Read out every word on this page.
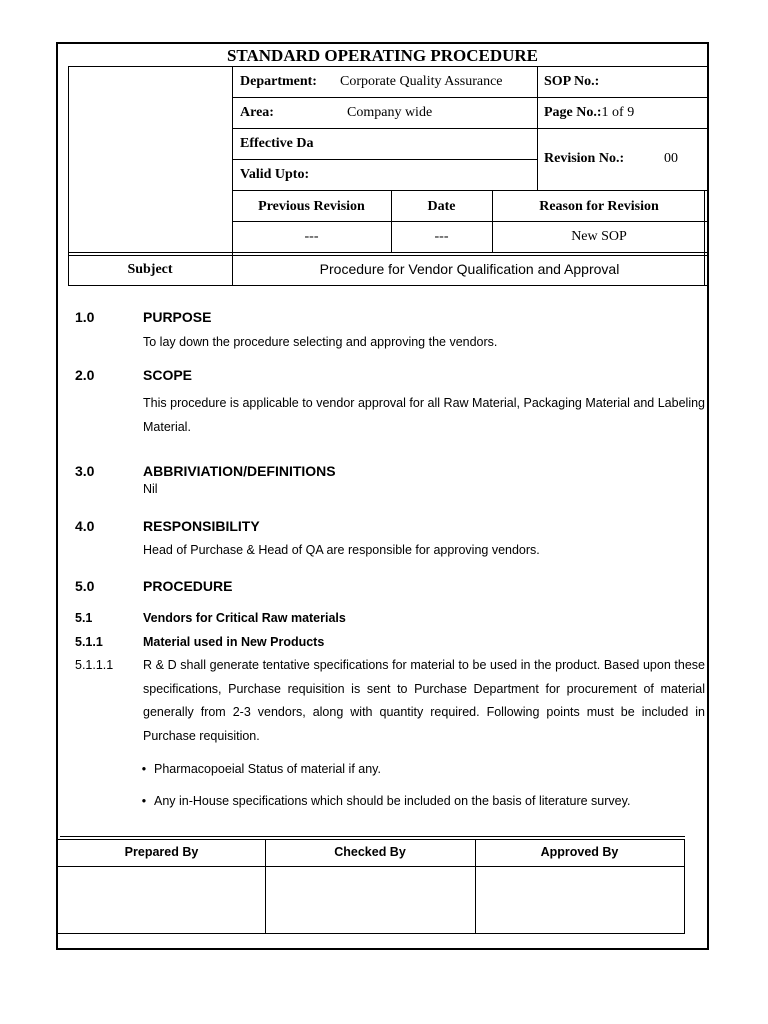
STANDARD OPERATING PROCEDURE
Department: Corporate Quality Assurance	SOP No.:
Area:	Company wide	Page No.:1 of 9
Effective Da
Valid Upto:
Revision No.:	00
Previous Revision	Date	Reason for Revision
---	---	New SOP
Subject	Procedure for Vendor Qualification and Approval
1.0	PURPOSE
To lay down the procedure selecting and approving the vendors.
2.0	SCOPE
This procedure is applicable to vendor approval for all Raw Material, Packaging Material and Labeling Material.
3.0	ABBRIVIATION/DEFINITIONS
Nil
4.0	RESPONSIBILITY
Head of Purchase & Head of QA are responsible for approving vendors.
5.0	PROCEDURE
5.1	Vendors for Critical Raw materials
5.1.1	Material used in New Products
5.1.1.1 R & D shall generate tentative specifications for material to be used in the product. Based upon these specifications, Purchase requisition is sent to Purchase Department for procurement of material generally from 2-3 vendors, along with quantity required. Following points must be included in Purchase requisition.
• Pharmacopoeial Status of material if any.
• Any in-House specifications which should be included on the basis of literature survey.
Prepared By	Checked By	Approved By
